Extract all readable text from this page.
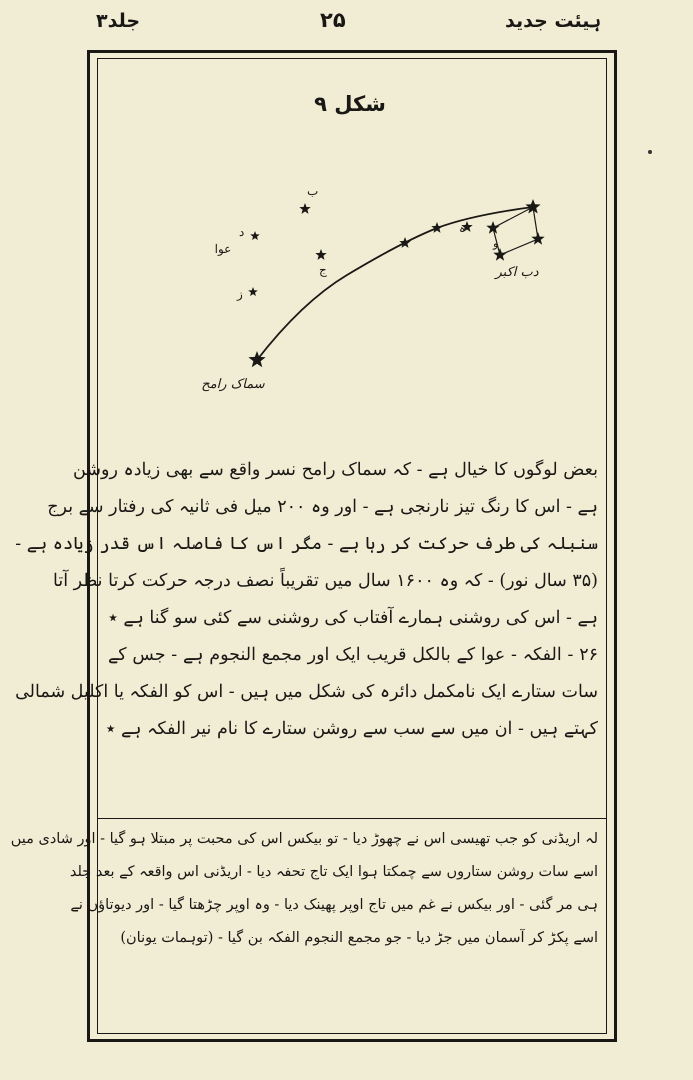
جلد۳	۲۵	ہیئت جدید
شکل ۹
دب اکبر
سماک رامح
عوا
ب
ج
د	ہ
و
ز
بعض لوگوں کا خیال ہے - کہ سماک رامح نسر واقع سے بھی زیادہ روشن
ہے - اس کا رنگ تیز نارنجی ہے - اور وہ ۲۰۰ میل فی ثانیہ کی رفتار سے برج
سنبلہ کی طرف حرکت کر رہا ہے - مگر اس کا فاصلہ اس قدر زیادہ ہے -
(۳۵ سال نور) - کہ وہ ۱۶۰۰ سال میں تقریباً نصف درجہ حرکت کرتا نظر آتا
ہے - اس کی روشنی ہمارے آفتاب کی روشنی سے کئی سو گنا ہے ٭
۲۶ - الفکہ - عوا کے بالکل قریب ایک اور مجمع النجوم ہے - جس کے
سات ستارے ایک نامکمل دائرہ کی شکل میں ہیں - اس کو الفکہ یا اکلیل شمالی
کہتے ہیں - ان میں سے سب سے روشن ستارے کا نام نیر الفکہ ہے ٭
لہ اریڈنی کو جب تھیسی اس نے چھوڑ دیا - تو بیکس اس کی محبت پر مبتلا ہو گیا - اور شادی میں
اسے سات روشن ستاروں سے چمکتا ہوا ایک تاج تحفہ دیا - اریڈنی اس واقعہ کے بعد جلد
ہی مر گئی - اور بیکس نے غم میں تاج اوپر پھینک دیا - وہ اوپر چڑھتا گیا - اور دیوتاؤں نے
اسے پکڑ کر آسمان میں جڑ دیا - جو مجمع النجوم الفکہ بن گیا - (توہمات یونان)
